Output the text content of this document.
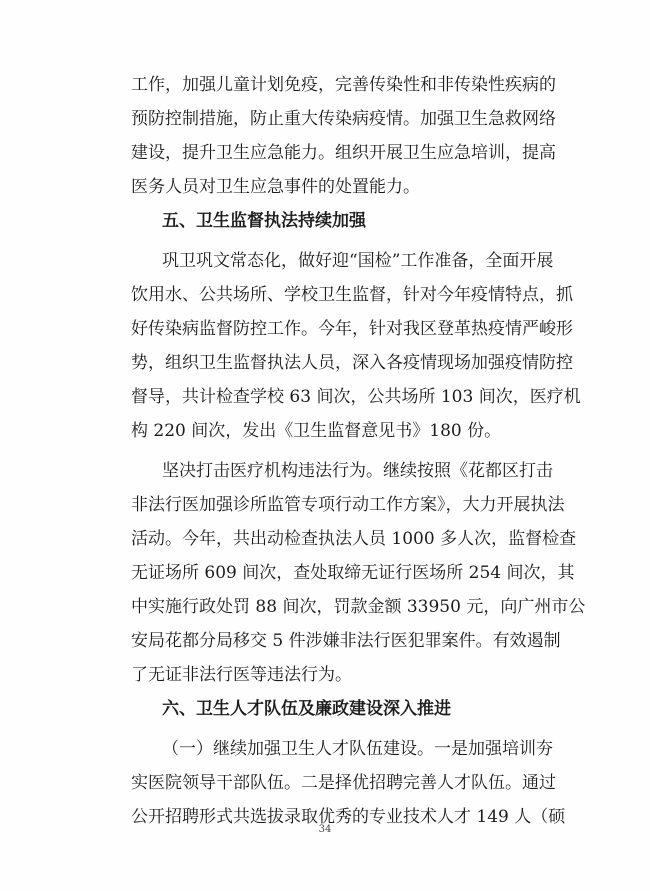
工作，加强儿童计划免疫，完善传染性和非传染性疾病的
预防控制措施，防止重大传染病疫情。加强卫生急救网络
建设，提升卫生应急能力。组织开展卫生应急培训，提高
医务人员对卫生应急事件的处置能力。
五、卫生监督执法持续加强
巩卫巩文常态化，做好迎“国检”工作准备，全面开展
饮用水、公共场所、学校卫生监督，针对今年疫情特点，抓
好传染病监督防控工作。今年，针对我区登革热疫情严峻形
势，组织卫生监督执法人员，深入各疫情现场加强疫情防控
督导，共计检查学校 63 间次，公共场所 103 间次，医疗机
构 220 间次，发出《卫生监督意见书》180 份。
坚决打击医疗机构违法行为。继续按照《花都区打击
非法行医加强诊所监管专项行动工作方案》，大力开展执法
活动。今年，共出动检查执法人员 1000 多人次，监督检查
无证场所 609 间次，查处取缔无证行医场所 254 间次，其
中实施行政处罚 88 间次，罚款金额 33950 元，向广州市公
安局花都分局移交 5 件涉嫌非法行医犯罪案件。有效遏制
了无证非法行医等违法行为。
六、卫生人才队伍及廉政建设深入推进
（一）继续加强卫生人才队伍建设。一是加强培训夯
实医院领导干部队伍。二是择优招聘完善人才队伍。通过
公开招聘形式共选拔录取优秀的专业技术人才 149 人（硕
34
